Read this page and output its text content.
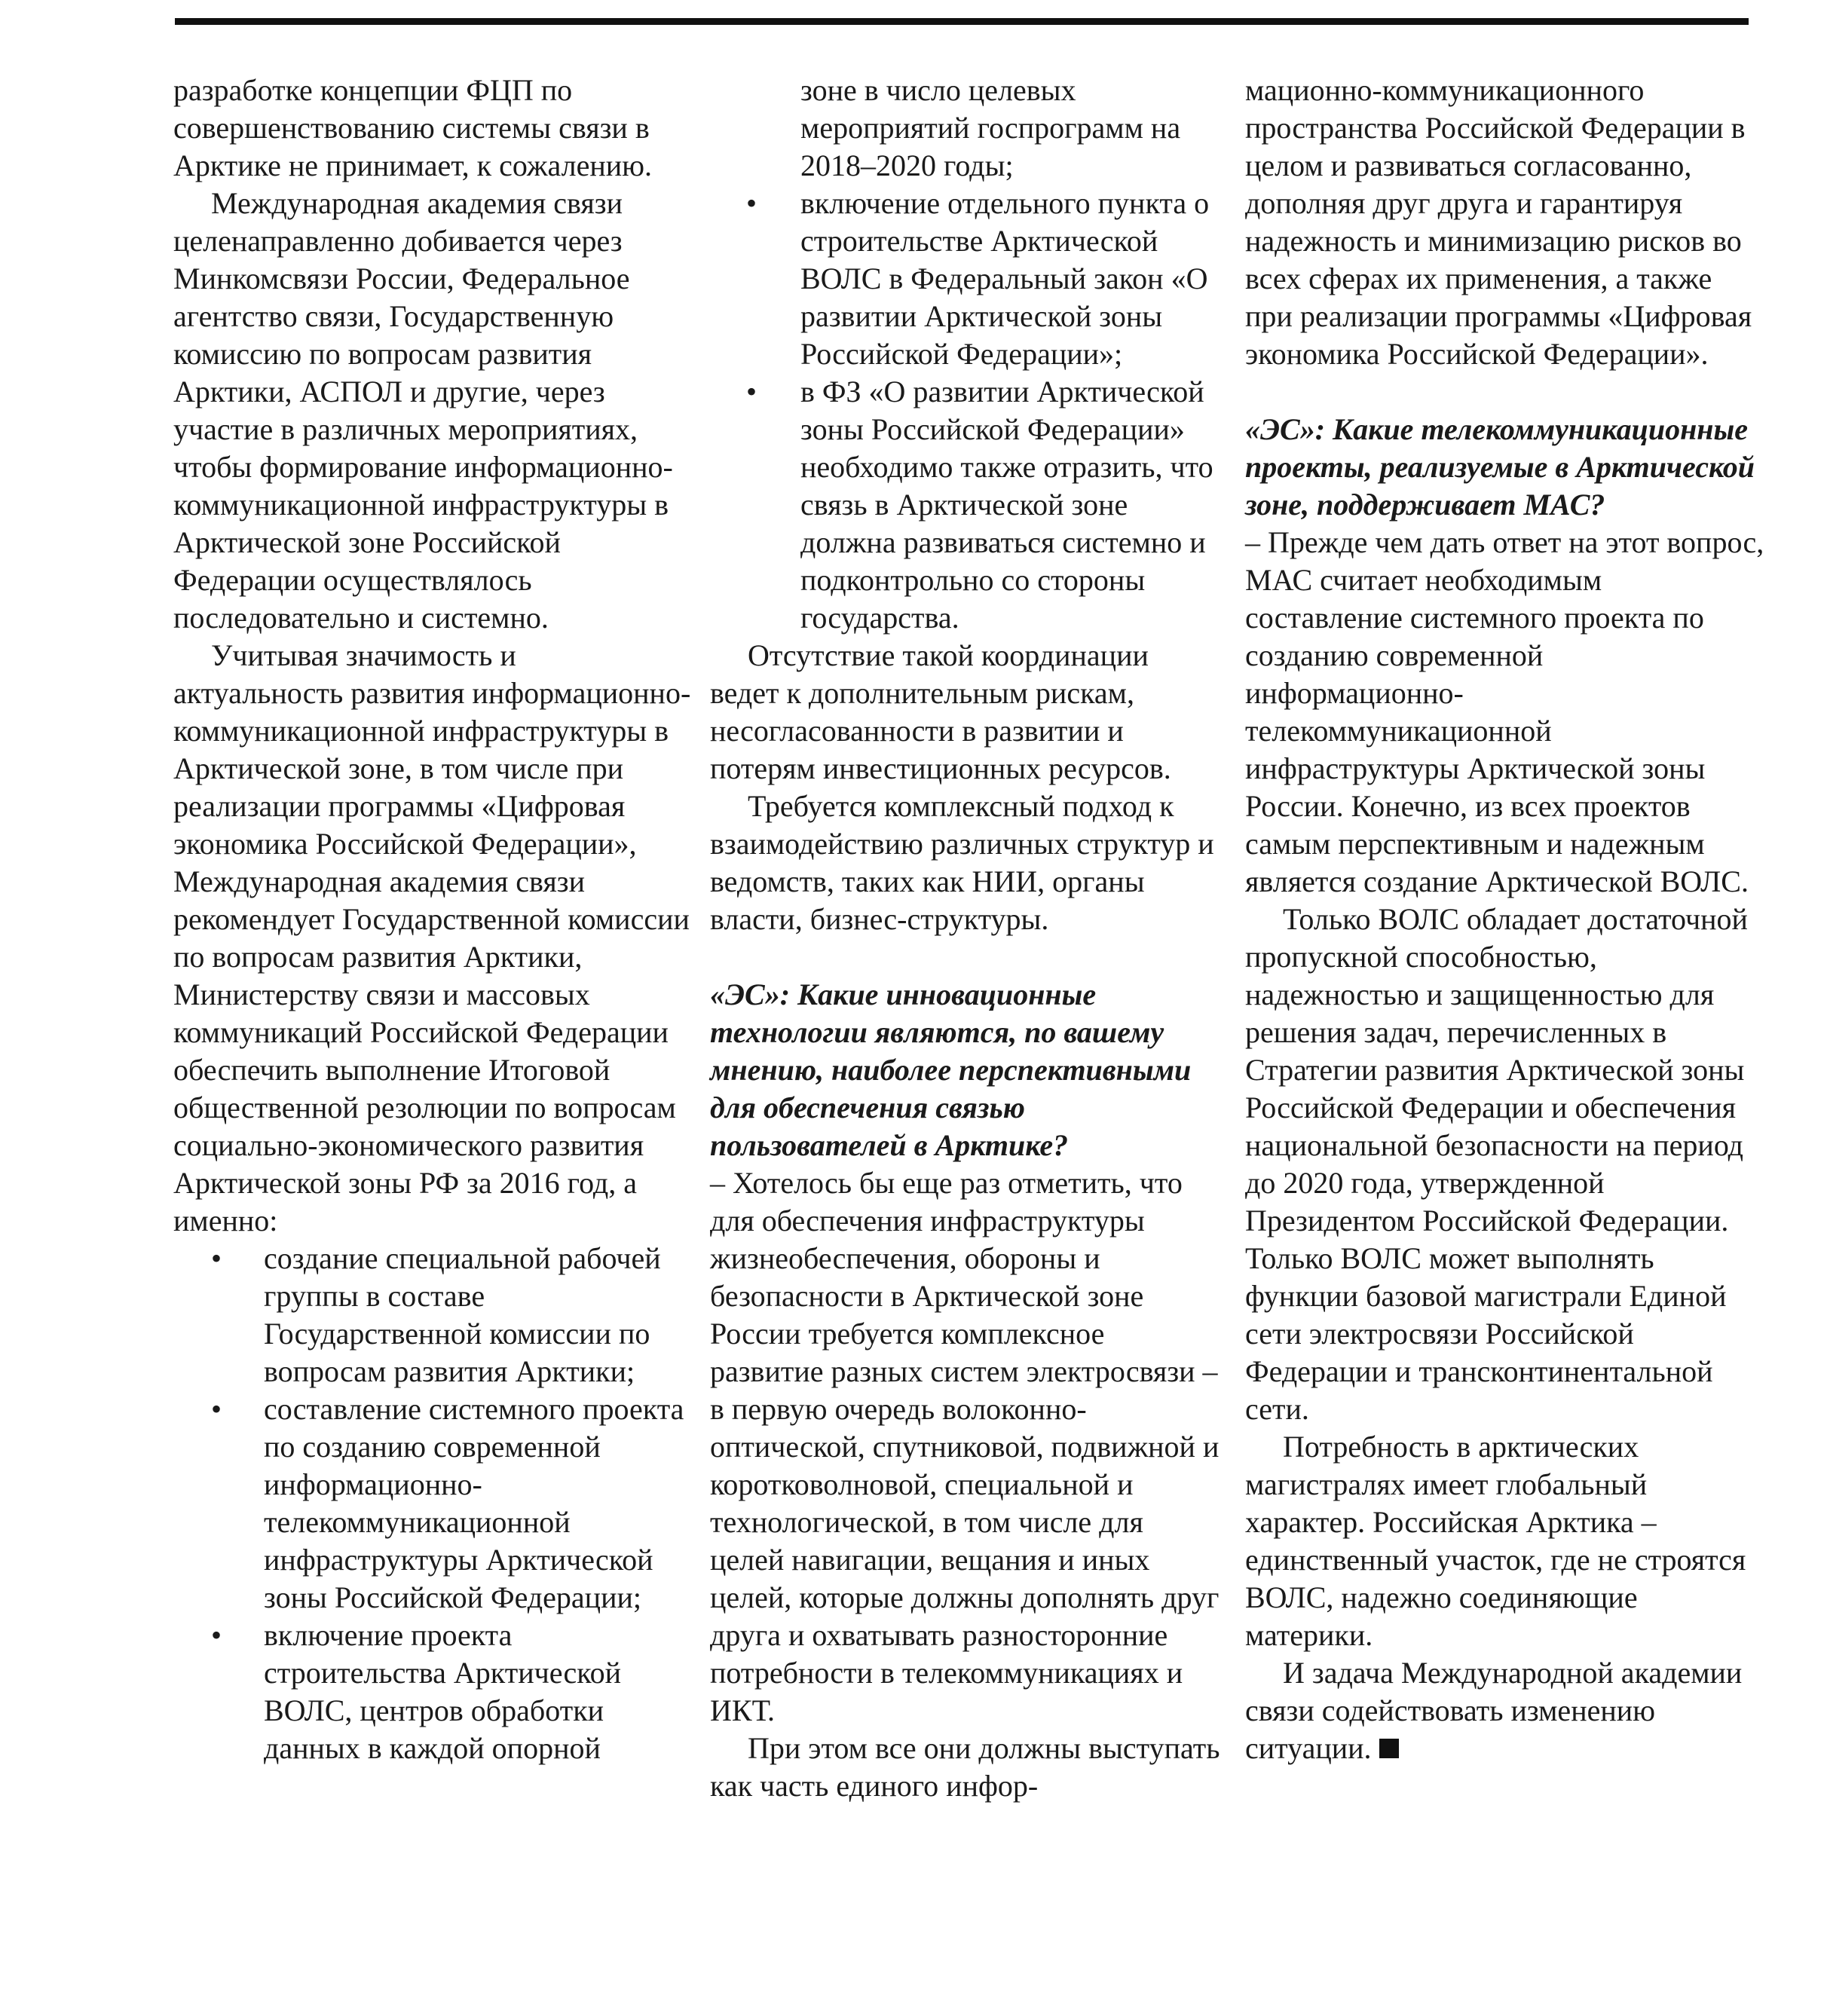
разработке концепции ФЦП по совершенствованию системы связи в Арктике не принимает, к сожалению.

Международная академия связи целенаправленно добивается через Минкомсвязи России, Федеральное агентство связи, Государственную комиссию по вопросам развития Арктики, АСПОЛ и другие, через участие в различных мероприятиях, чтобы формирование информационно-коммуникационной инфраструктуры в Арктической зоне Российской Федерации осуществлялось последовательно и системно.

Учитывая значимость и актуальность развития информационно-коммуникационной инфраструктуры в Арктической зоне, в том числе при реализации программы «Цифровая экономика Российской Федерации», Международная академия связи рекомендует Государственной комиссии по вопросам развития Арктики, Министерству связи и массовых коммуникаций Российской Федерации обеспечить выполнение Итоговой общественной резолюции по вопросам социально-экономического развития Арктической зоны РФ за 2016 год, а именно:

• создание специальной рабочей группы в составе Государственной комиссии по вопросам развития Арктики;
• составление системного проекта по созданию современной информационно-телекоммуникационной инфраструктуры Арктической зоны Российской Федерации;
• включение проекта строительства Арктической ВОЛС, центров обработки данных в каждой опорной

зоне в число целевых мероприятий госпрограмм на 2018–2020 годы;

• включение отдельного пункта о строительстве Арктической ВОЛС в Федеральный закон «О развитии Арктической зоны Российской Федерации»;
• в ФЗ «О развитии Арктической зоны Российской Федерации» необходимо также отразить, что связь в Арктической зоне должна развиваться системно и подконтрольно со стороны государства.

Отсутствие такой координации ведет к дополнительным рискам, несогласованности в развитии и потерям инвестиционных ресурсов.

Требуется комплексный подход к взаимодействию различных структур и ведомств, таких как НИИ, органы власти, бизнес-структуры.

«ЭС»: Какие инновационные технологии являются, по вашему мнению, наиболее перспективными для обеспечения связью пользователей в Арктике?

– Хотелось бы еще раз отметить, что для обеспечения инфраструктуры жизнеобеспечения, обороны и безопасности в Арктической зоне России требуется комплексное развитие разных систем электросвязи – в первую очередь волоконно-оптической, спутниковой, подвижной и коротковолновой, специальной и технологической, в том числе для целей навигации, вещания и иных целей, которые должны дополнять друг друга и охватывать разносторонние потребности в телекоммуникациях и ИКТ.

При этом все они должны выступать как часть единого инфор-

мационно-коммуникационного пространства Российской Федерации в целом и развиваться согласованно, дополняя друг друга и гарантируя надежность и минимизацию рисков во всех сферах их применения, а также при реализации программы «Цифровая экономика Российской Федерации».

«ЭС»: Какие телекоммуникационные проекты, реализуемые в Арктической зоне, поддерживает МАС?

– Прежде чем дать ответ на этот вопрос, МАС считает необходимым составление системного проекта по созданию современной информационно-телекоммуникационной инфраструктуры Арктической зоны России. Конечно, из всех проектов самым перспективным и надежным является создание Арктической ВОЛС.

Только ВОЛС обладает достаточной пропускной способностью, надежностью и защищенностью для решения задач, перечисленных в Стратегии развития Арктической зоны Российской Федерации и обеспечения национальной безопасности на период до 2020 года, утвержденной Президентом Российской Федерации. Только ВОЛС может выполнять функции базовой магистрали Единой сети электросвязи Российской Федерации и трансконтинентальной сети.

Потребность в арктических магистралях имеет глобальный характер. Российская Арктика – единственный участок, где не строятся ВОЛС, надежно соединяющие материки.

И задача Международной академии связи содействовать изменению ситуации.
